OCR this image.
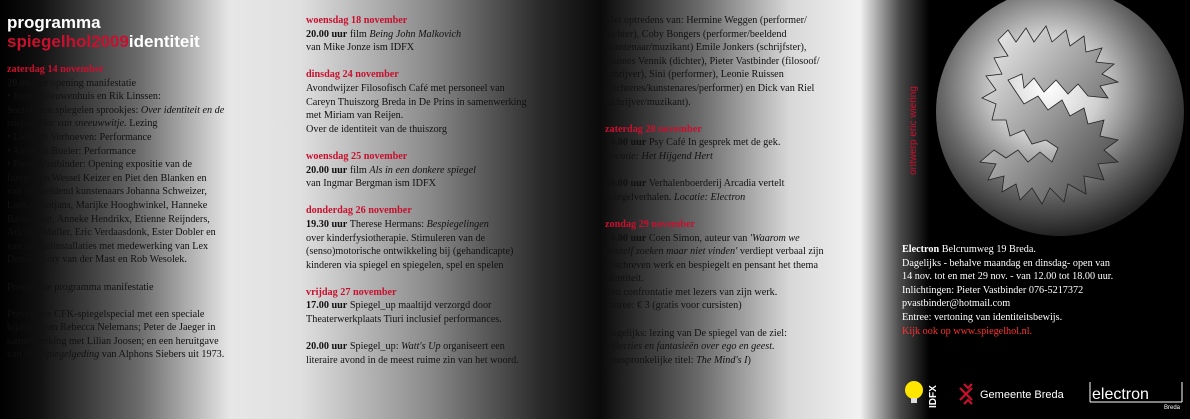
programma

spiegelhol2009identiteit

zaterdag 14 november

20.00 uur opening manifestatie

• Rense Nieuwenhuis en Rik Linssen:

Sociologen spiegelen sprookjes: Over identiteit en de

stiefmoeder van sneeuwwitje. Lezing

• Liesbeth Verhoeven: Performance

• Anselma Bueler: Performance

• Pieter Vastbinder: Opening expositie van de

fotografen Wessel Keizer en Piet den Blanken en

van de beeldend kunstenaars Johanna Schweizer,

Loek Grootjans, Marijke Hooghwinkel, Hanneke

Barendregt, Anneke Hendrikx, Etienne Reijnders,

Adriaan Muller, Eric Verdaasdonk, Ester Dobler en

van spiegelinstallaties met medewerking van Lex

Donker, Guy van der Mast en Rob Wesolek.

Presentatie programma manifestatie

Presentatie CFK-spiegelspecial met een speciale

bijdrage van Rebecca Nelemans; Peter de Jaeger in

samenwerking met Lilian Joosen; en een heruitgave

van Het Spiegelgeding van Alphons Siebers uit 1973.

woensdag 18 november

20.00 uur film Being John Malkovich

van Mike Jonze ism IDFX

dinsdag 24 november

Avondwijzer Filosofisch Café met personeel van

Careyn Thuiszorg Breda in De Prins in samenwerking

met Miriam van Reijen.

Over de identiteit van de thuiszorg

woensdag 25 november

20.00 uur film Als in een donkere spiegel

van Ingmar Bergman ism IDFX

donderdag 26 november

19.30 uur Therese Hermans: Bespiegelingen

over kinderfysiotherapie. Stimuleren van de

(senso)motorische ontwikkeling bij (gehandicapte)

kinderen via spiegel en spiegelen, spel en spelen

vrijdag 27 november

17.00 uur Spiegel_up maaltijd verzorgd door

Theaterwerkplaats Tiuri inclusief performances.

20.00 uur Spiegel_up: Watt's Up organiseert een

literaire avond in de meest ruime zin van het woord.

Met optredens van: Hermine Weggen (performer/

dichter), Coby Bongers (performer/beeldend

kunstenaar/muzikant) Emile Jonkers (schrijfster),

Hannes Vennik (dichter), Pieter Vastbinder (filosoof/

schrijver), Sini (performer), Leonie Ruissen

(dichteres/kunstenares/performer) en Dick van Riel

(schrijver/muzikant).

zaterdag 28 november

14.00 uur Psy Café In gesprek met de gek.

Locatie: Het Hijgend Hert

20.00 uur Verhalenboerderij Arcadia vertelt

spiegelverhalen. Locatie: Electron

zondag 29 november

14.00 uur Coen Simon, auteur van 'Waarom we

onszelf zoeken maar niet vinden' verdiept verbaal zijn

geschreven werk en bespiegelt en pensant het thema

identiteit.

Een confrontatie met lezers van zijn werk.

Entree: € 3 (gratis voor cursisten)

Dagelijks: lezing van De spiegel van de ziel:

reflecties en fantasieën over ego en geest.

(oorspronkelijke titel: The Mind's I)

ontwerp eric wiering

Electron Belcrumweg 19 Breda.

Dagelijks - behalve maandag en dinsdag- open van

14 nov. tot en met 29 nov. - van 12.00 tot 18.00 uur.

Inlichtingen: Pieter Vastbinder 076-5217372

pvastbinder@hotmail.com

Entree: vertoning van identiteitsbewijs.

Kijk ook op www.spiegelhol.nl.

IDFX	Gemeente Breda electron
Breda
